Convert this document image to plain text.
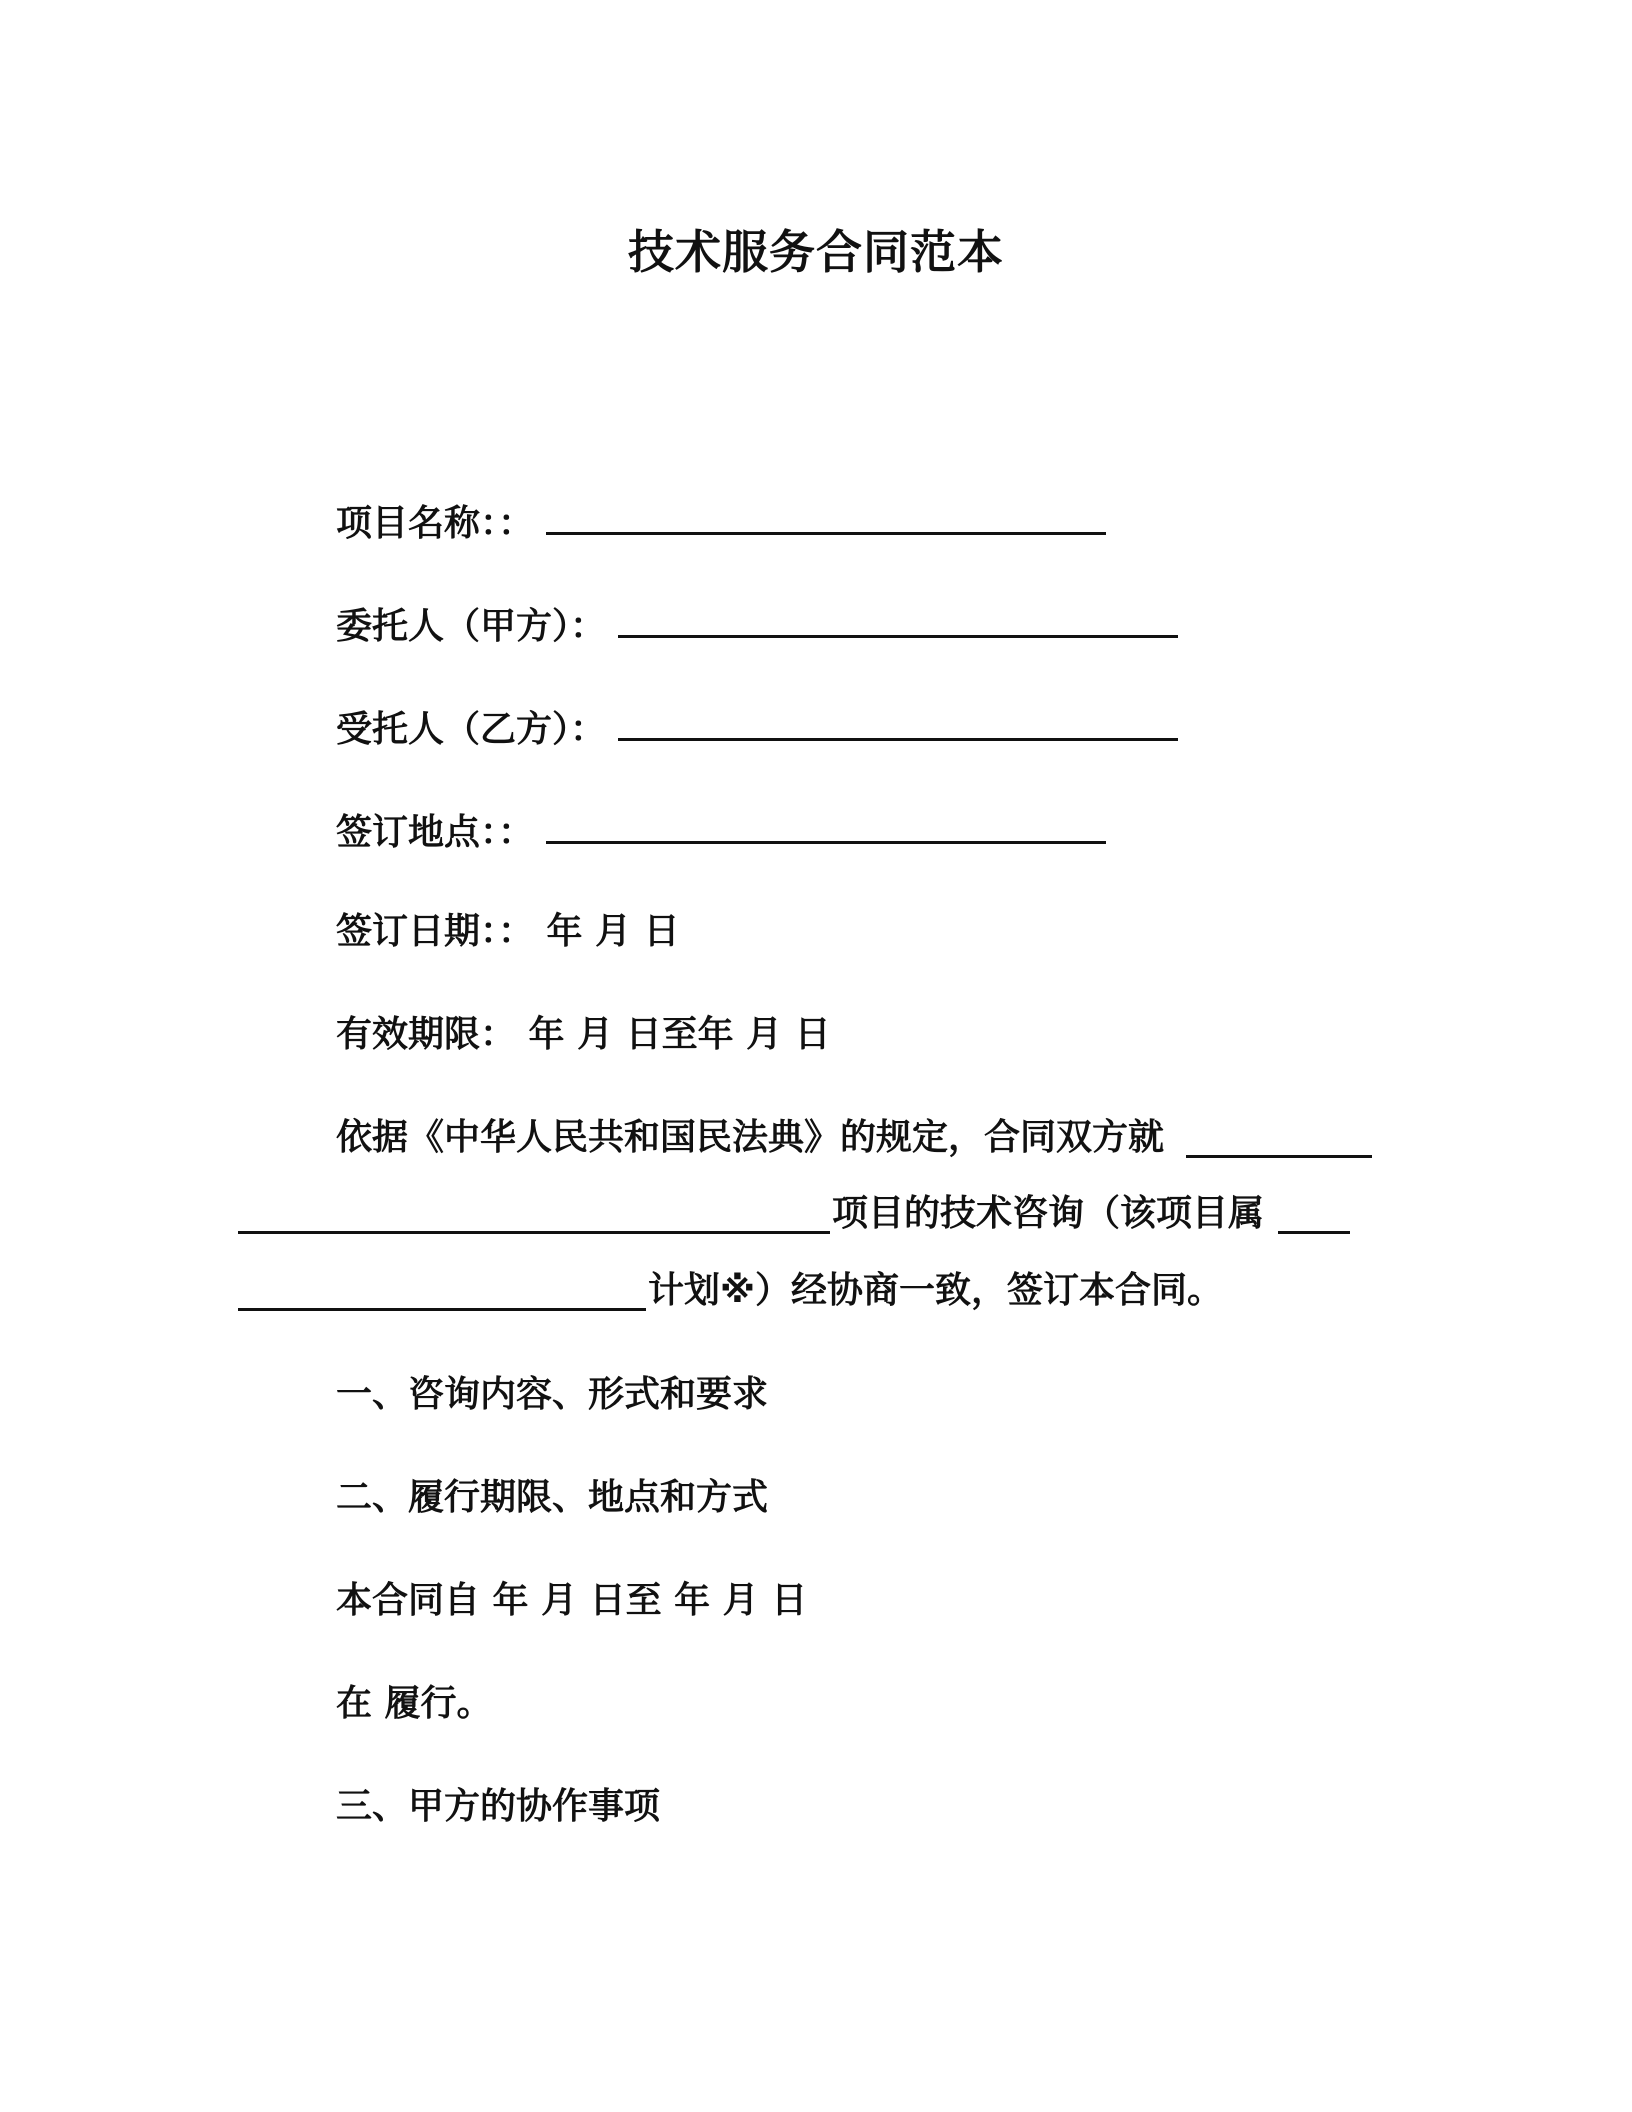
技术服务合同范本
项目名称：：
委托人（甲方）：
受托人（乙方）：
签订地点：：
签订日期：： 年 月 日
有效期限： 年 月 日至年 月 日
依据《中华人民共和国民法典》的规定，合同双方就
项目的技术咨询（该项目属
计划※）经协商一致，签订本合同。
一、咨询内容、形式和要求
二、履行期限、地点和方式
本合同自 年 月 日至 年 月 日
在 履行。
三、甲方的协作事项
